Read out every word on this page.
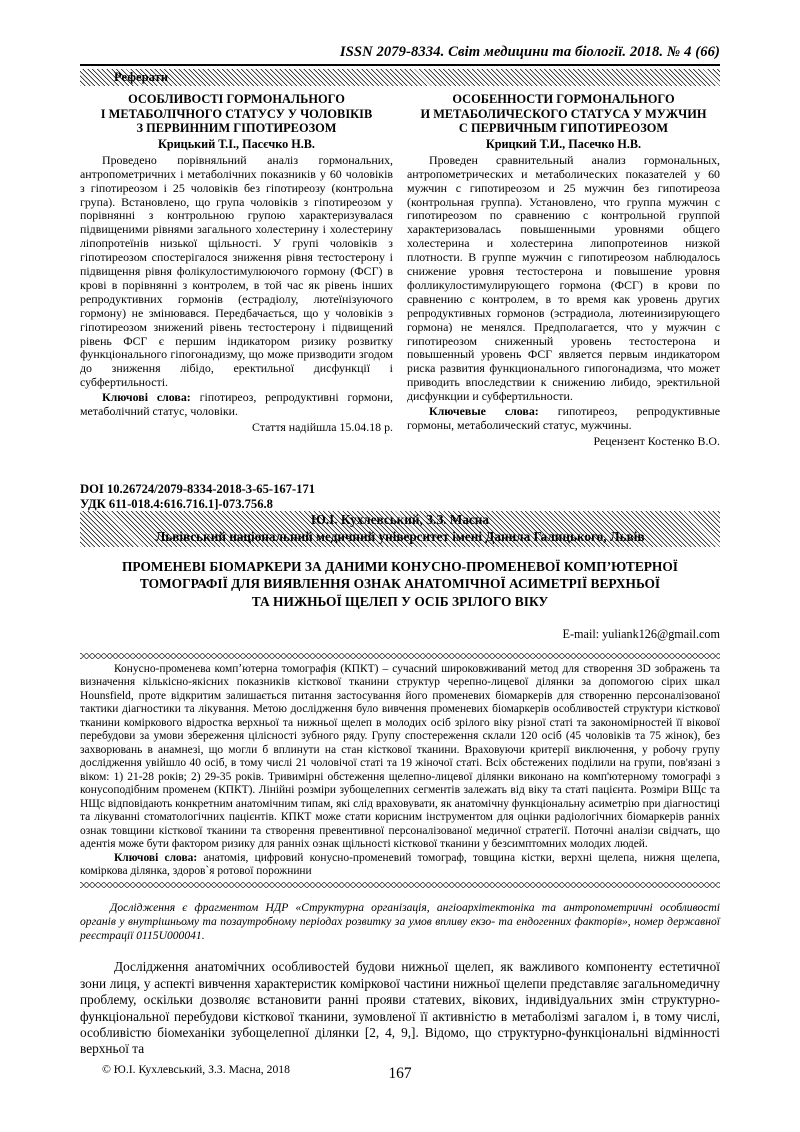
ISSN 2079-8334. Світ медицини та біології. 2018. № 4 (66)
Реферати
ОСОБЛИВОСТІ ГОРМОНАЛЬНОГО
І МЕТАБОЛІЧНОГО СТАТУСУ У ЧОЛОВІКІВ
З ПЕРВИННИМ ГІПОТИРЕОЗОМ
Крицький Т.І., Пасєчко Н.В.
ОСОБЕННОСТИ ГОРМОНАЛЬНОГО
И МЕТАБОЛИЧЕСКОГО СТАТУСА У МУЖЧИН
С ПЕРВИЧНЫМ ГИПОТИРЕОЗОМ
Крицкий Т.И., Пасечко Н.В.
Проведено порівняльний аналіз гормональних, антропометричних і метаболічних показників у 60 чоловіків з гіпотиреозом і 25 чоловіків без гіпотиреозу (контрольна група). Встановлено, що група чоловіків з гіпотиреозом у порівнянні з контрольною групою характеризувалася підвищеними рівнями загального холестерину і холестерину ліпопротеїнів низької щільності. У групі чоловіків з гіпотиреозом спостерігалося зниження рівня тестостерону і підвищення рівня фолікулостимулюючого гормону (ФСГ) в крові в порівнянні з контролем, в той час як рівень інших репродуктивних гормонів (естрадіолу, лютеїнізуючого гормону) не змінювався. Передбачається, що у чоловіків з гіпотиреозом знижений рівень тестостерону і підвищений рівень ФСГ є першим індикатором ризику розвитку функціонального гіпогонадизму, що може призводити згодом до зниження лібідо, еректильної дисфункції і субфертильності.
Ключові слова: гіпотиреоз, репродуктивні гормони, метаболічний статус, чоловіки.
Стаття надійшла 15.04.18 р.
Проведен сравнительный анализ гормональных, антропометрических и метаболических показателей у 60 мужчин с гипотиреозом и 25 мужчин без гипотиреоза (контрольная группа). Установлено, что группа мужчин с гипотиреозом по сравнению с контрольной группой характеризовалась повышенными уровнями общего холестерина и холестерина липопротеинов низкой плотности. В группе мужчин с гипотиреозом наблюдалось снижение уровня тестостерона и повышение уровня фолликулостимулирующего гормона (ФСГ) в крови по сравнению с контролем, в то время как уровень других репродуктивных гормонов (эстрадиола, лютеинизирующего гормона) не менялся. Предполагается, что у мужчин с гипотиреозом сниженный уровень тестостерона и повышенный уровень ФСГ является первым индикатором риска развития функционального гипогонадизма, что может приводить впоследствии к снижению либидо, эректильной дисфункции и субфертильности.
Ключевые слова: гипотиреоз, репродуктивные гормоны, метаболический статус, мужчины.
Рецензент Костенко В.О.
DOI 10.26724/2079-8334-2018-3-65-167-171
УДК 611-018.4:616.716.1]-073.756.8
Ю.І. Кухлевський, З.З. Масна
Львівський національний медичний університет імені Данила Галицького, Львів
ПРОМЕНЕВІ БІОМАРКЕРИ ЗА ДАНИМИ КОНУСНО-ПРОМЕНЕВОЇ КОМПʼЮТЕРНОЇ
ТОМОГРАФІЇ ДЛЯ ВИЯВЛЕННЯ ОЗНАК АНАТОМІЧНОЇ АСИМЕТРІЇ ВЕРХНЬОЇ
ТА НИЖНЬОЇ ЩЕЛЕП У ОСІБ ЗРІЛОГО ВІКУ
E-mail: yuliank126@gmail.com
Конусно-променева компʼютерна томографія (КПКТ) – сучасний широковживаний метод для створення 3D зображень та визначення кількісно-якісних показників кісткової тканини структур черепно-лицевої ділянки за допомогою сірих шкал Hounsfield, проте відкритим залишається питання застосування його променевих біомаркерів для створенню персоналізованої тактики діагностики та лікування. Метою дослідження було вивчення променевих біомаркерів особливостей структури кісткової тканини коміркового відростка верхньої та нижньої щелеп в молодих осіб зрілого віку різної статі та закономірностей її вікової перебудови за умови збереження цілісності зубного ряду. Групу спостереження склали 120 осіб (45 чоловіків та 75 жінок), без захворювань в анамнезі, що могли б вплинути на стан кісткової тканини. Враховуючи критерії виключення, у робочу групу дослідження увійшло 40 осіб, в тому числі 21 чоловічої статі та 19 жіночої статі. Всіх обстежених поділили на групи, пов'язані з віком: 1) 21-28 років; 2) 29-35 років. Тривимірні обстеження щелепно-лицевої ділянки виконано на комп'ютерному томографі з конусоподібним променем (КПКТ). Лінійні розміри зубощелепних сегментів залежать від віку та статі пацієнта. Розміри ВЩс та НЩс відповідають конкретним анатомічним типам, які слід враховувати, як анатомічну функціональну асиметрію при діагностиці та лікуванні стоматологічних пацієнтів. КПКТ може стати корисним інструментом для оцінки радіологічних біомаркерів ранніх ознак товщини кісткової тканини та створення превентивної персоналізованої медичної стратегії. Поточні аналізи свідчать, що адентія може бути фактором ризику для ранніх ознак щільності кісткової тканини у безсимптомних молодих людей.
Ключові слова: анатомія, цифровий конусно-променевий томограф, товщина кістки, верхні щелепа, нижня щелепа, коміркова ділянка, здоров`я ротової порожнини
Дослідження є фрагментом НДР «Структурна організація, ангіоархітектоніка та антропометричні особливості органів у внутрішньому та позаутробному періодах розвитку за умов впливу екзо- та ендогенних факторів», номер державної реєстрації 0115U000041.
Дослідження анатомічних особливостей будови нижньої щелеп, як важливого компоненту естетичної зони лиця, у аспекті вивчення характеристик коміркової частини нижньої щелепи представляє загальномедичну проблему, оскільки дозволяє встановити ранні прояви статевих, вікових, індивідуальних змін структурно-функціональної перебудови кісткової тканини, зумовленої її активністю в метаболізмі загалом і, в тому числі, особливістю біомеханіки зубощелепної ділянки [2, 4, 9,]. Відомо, що структурно-функціональні відмінності верхньої та
© Ю.І. Кухлевський, З.З. Масна, 2018	167
